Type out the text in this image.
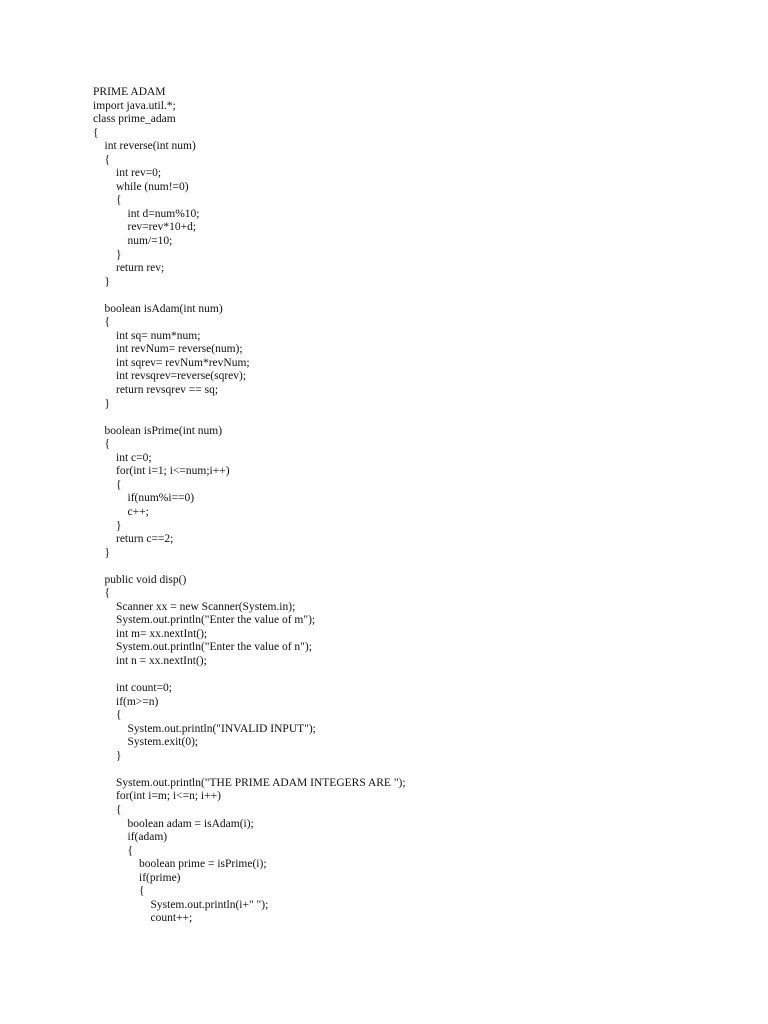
PRIME ADAM
import java.util.*;
class prime_adam
{
int reverse(int num)
{
int rev=0;
while (num!=0)
{
int d=num%10;
rev=rev*10+d;
num/=10;
}
return rev;
}
boolean isAdam(int num)
{
int sq= num*num;
int revNum= reverse(num);
int sqrev= revNum*revNum;
int revsqrev=reverse(sqrev);
return revsqrev == sq;
}
boolean isPrime(int num)
{
int c=0;
for(int i=1; i<=num;i++)
{
if(num%i==0)
c++;
}
return c==2;
}
public void disp()
{
Scanner xx = new Scanner(System.in);
System.out.println("Enter the value of m");
int m= xx.nextInt();
System.out.println("Enter the value of n");
int n = xx.nextInt();
int count=0;
if(m>=n)
{
System.out.println("INVALID INPUT");
System.exit(0);
}
System.out.println("THE PRIME ADAM INTEGERS ARE ");
for(int i=m; i<=n; i++)
{
boolean adam = isAdam(i);
if(adam)
{
boolean prime = isPrime(i);
if(prime)
{
System.out.println(i+" ");
count++;
